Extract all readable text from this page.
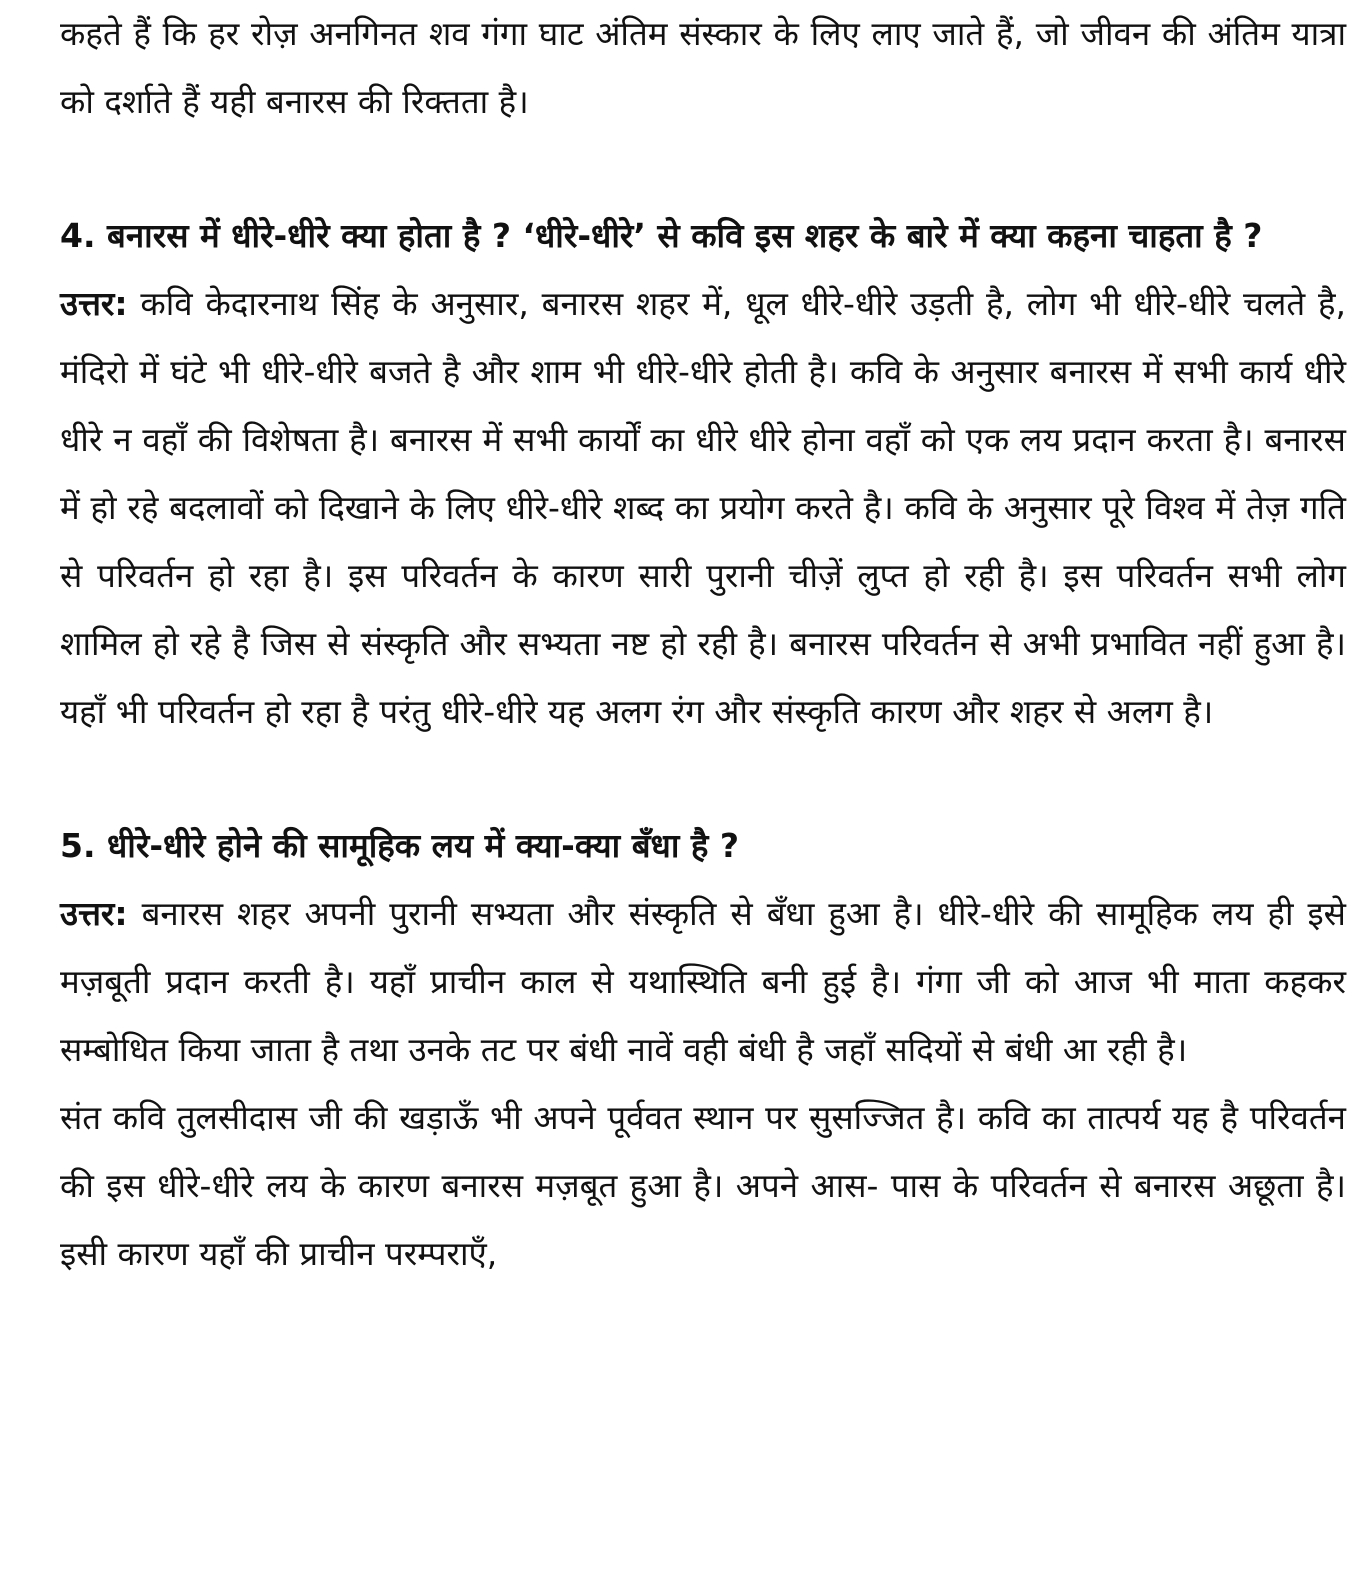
कहते हैं कि हर रोज़ अनगिनत शव गंगा घाट अंतिम संस्कार के लिए लाए जाते हैं, जो जीवन की अंतिम यात्रा को दर्शाते हैं यही बनारस की रिक्तता है।

4. बनारस में धीरे-धीरे क्या होता है ? ‘धीरे-धीरे’ से कवि इस शहर के बारे में क्या कहना चाहता है ?

उत्तर: कवि केदारनाथ सिंह के अनुसार, बनारस शहर में, धूल धीरे-धीरे उड़ती है, लोग भी धीरे-धीरे चलते है, मंदिरो में घंटे भी धीरे-धीरे बजते है और शाम भी धीरे-धीरे होती है। कवि के अनुसार बनारस में सभी कार्य धीरे धीरे न वहाँ की विशेषता है। बनारस में सभी कार्यों का धीरे धीरे होना वहाँ को एक लय प्रदान करता है। बनारस में हो रहे बदलावों को दिखाने के लिए धीरे-धीरे शब्द का प्रयोग करते है। कवि के अनुसार पूरे विश्व में तेज़ गति से परिवर्तन हो रहा है। इस परिवर्तन के कारण सारी पुरानी चीज़ें लुप्त हो रही है। इस परिवर्तन सभी लोग शामिल हो रहे है जिस से संस्कृति और सभ्यता नष्ट हो रही है। बनारस परिवर्तन से अभी प्रभावित नहीं हुआ है। यहाँ भी परिवर्तन हो रहा है परंतु धीरे-धीरे यह अलग रंग और संस्कृति कारण और शहर से अलग है।

5. धीरे-धीरे होने की सामूहिक लय में क्या-क्या बँधा है ?

उत्तर: बनारस शहर अपनी पुरानी सभ्यता और संस्कृति से बँधा हुआ है। धीरे-धीरे की सामूहिक लय ही इसे मज़बूती प्रदान करती है। यहाँ प्राचीन काल से यथास्थिति बनी हुई है। गंगा जी को आज भी माता कहकर सम्बोधित किया जाता है तथा उनके तट पर बंधी नावें वही बंधी है जहाँ सदियों से बंधी आ रही है।

संत कवि तुलसीदास जी की खड़ाऊँ भी अपने पूर्ववत स्थान पर सुसज्जित है। कवि का तात्पर्य यह है परिवर्तन की इस धीरे-धीरे लय के कारण बनारस मज़बूत हुआ है। अपने आस- पास के परिवर्तन से बनारस अछूता है। इसी कारण यहाँ की प्राचीन परम्पराएँ,
